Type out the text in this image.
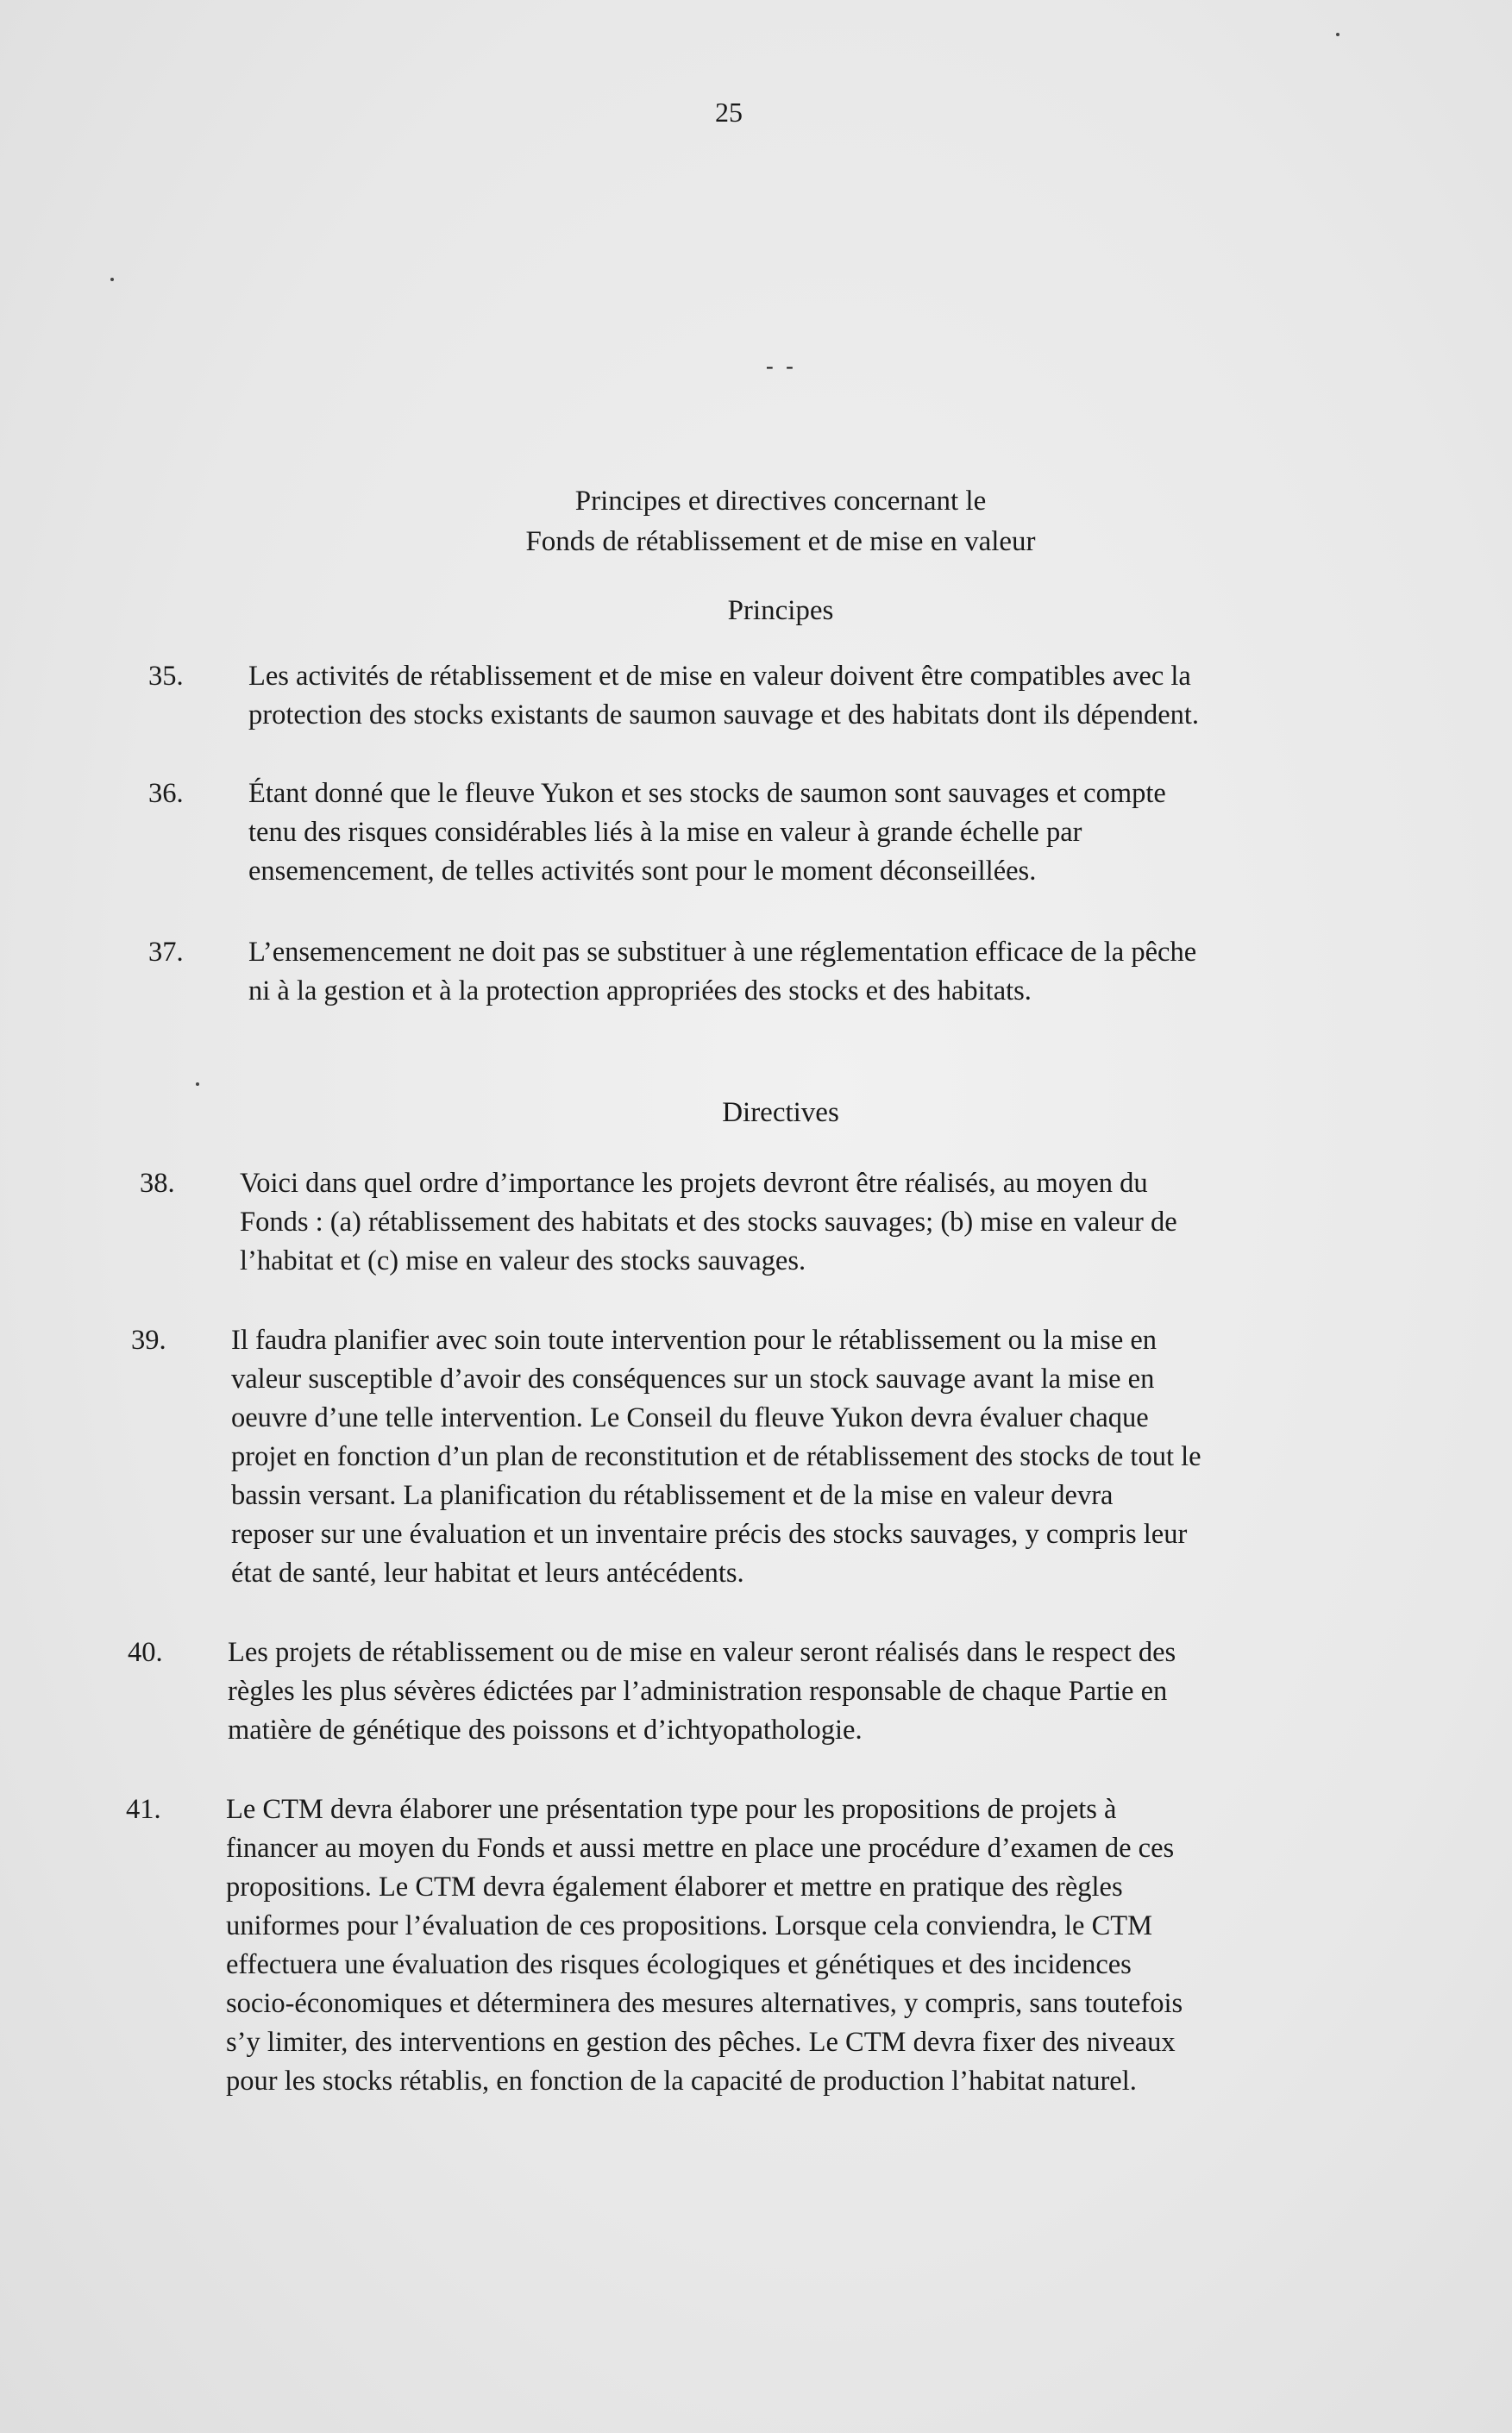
25
- -
Principes et directives concernant le
Fonds de rétablissement et de mise en valeur
Principes
35.	Les activités de rétablissement et de mise en valeur doivent être compatibles avec la
protection des stocks existants de saumon sauvage et des habitats dont ils dépendent.
36.	Étant donné que le fleuve Yukon et ses stocks de saumon sont sauvages et compte
tenu des risques considérables liés à la mise en valeur à grande échelle par
ensemencement, de telles activités sont pour le moment déconseillées.
37.	L’ensemencement ne doit pas se substituer à une réglementation efficace de la pêche
ni à la gestion et à la protection appropriées des stocks et des habitats.
Directives
38.	Voici dans quel ordre d’importance les projets devront être réalisés, au moyen du
Fonds : (a) rétablissement des habitats et des stocks sauvages; (b) mise en valeur de
l’habitat et (c) mise en valeur des stocks sauvages.
39.	Il faudra planifier avec soin toute intervention pour le rétablissement ou la mise en
valeur susceptible d’avoir des conséquences sur un stock sauvage avant la mise en
oeuvre d’une telle intervention. Le Conseil du fleuve Yukon devra évaluer chaque
projet en fonction d’un plan de reconstitution et de rétablissement des stocks de tout le
bassin versant. La planification du rétablissement et de la mise en valeur devra
reposer sur une évaluation et un inventaire précis des stocks sauvages, y compris leur
état de santé, leur habitat et leurs antécédents.
40.	Les projets de rétablissement ou de mise en valeur seront réalisés dans le respect des
règles les plus sévères édictées par l’administration responsable de chaque Partie en
matière de génétique des poissons et d’ichtyopathologie.
41.	Le CTM devra élaborer une présentation type pour les propositions de projets à
financer au moyen du Fonds et aussi mettre en place une procédure d’examen de ces
propositions. Le CTM devra également élaborer et mettre en pratique des règles
uniformes pour l’évaluation de ces propositions. Lorsque cela conviendra, le CTM
effectuera une évaluation des risques écologiques et génétiques et des incidences
socio-économiques et déterminera des mesures alternatives, y compris, sans toutefois
s’y limiter, des interventions en gestion des pêches. Le CTM devra fixer des niveaux
pour les stocks rétablis, en fonction de la capacité de production l’habitat naturel.
